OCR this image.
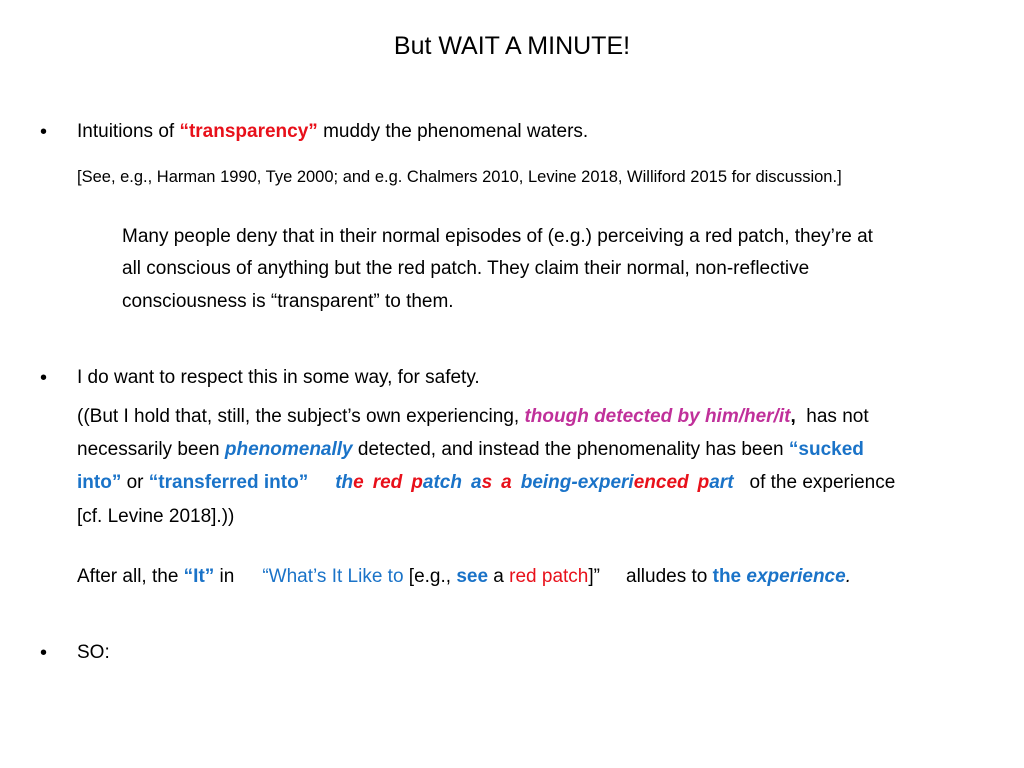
But WAIT A MINUTE!
• Intuitions of “transparency” muddy the phenomenal waters.
[See, e.g., Harman 1990, Tye 2000; and e.g. Chalmers 2010, Levine 2018, Williford 2015 for discussion.]
Many people deny that in their normal episodes of (e.g.) perceiving a red patch, they’re at
all conscious of anything but the red patch. They claim their normal, non-reflective
consciousness is “transparent” to them.
• I do want to respect this in some way, for safety.
((But I hold that, still, the subject’s own experiencing, though detected by him/her/it,  has not
necessarily been phenomenally detected, and instead the phenomenality has been “sucked
into” or “transferred into” the red patch as a being-experienced part of the experience
[cf. Levine 2018].))
After all, the “It” in “What’s It Like to [e.g., see a red patch]” alludes to the experience.
• SO:
